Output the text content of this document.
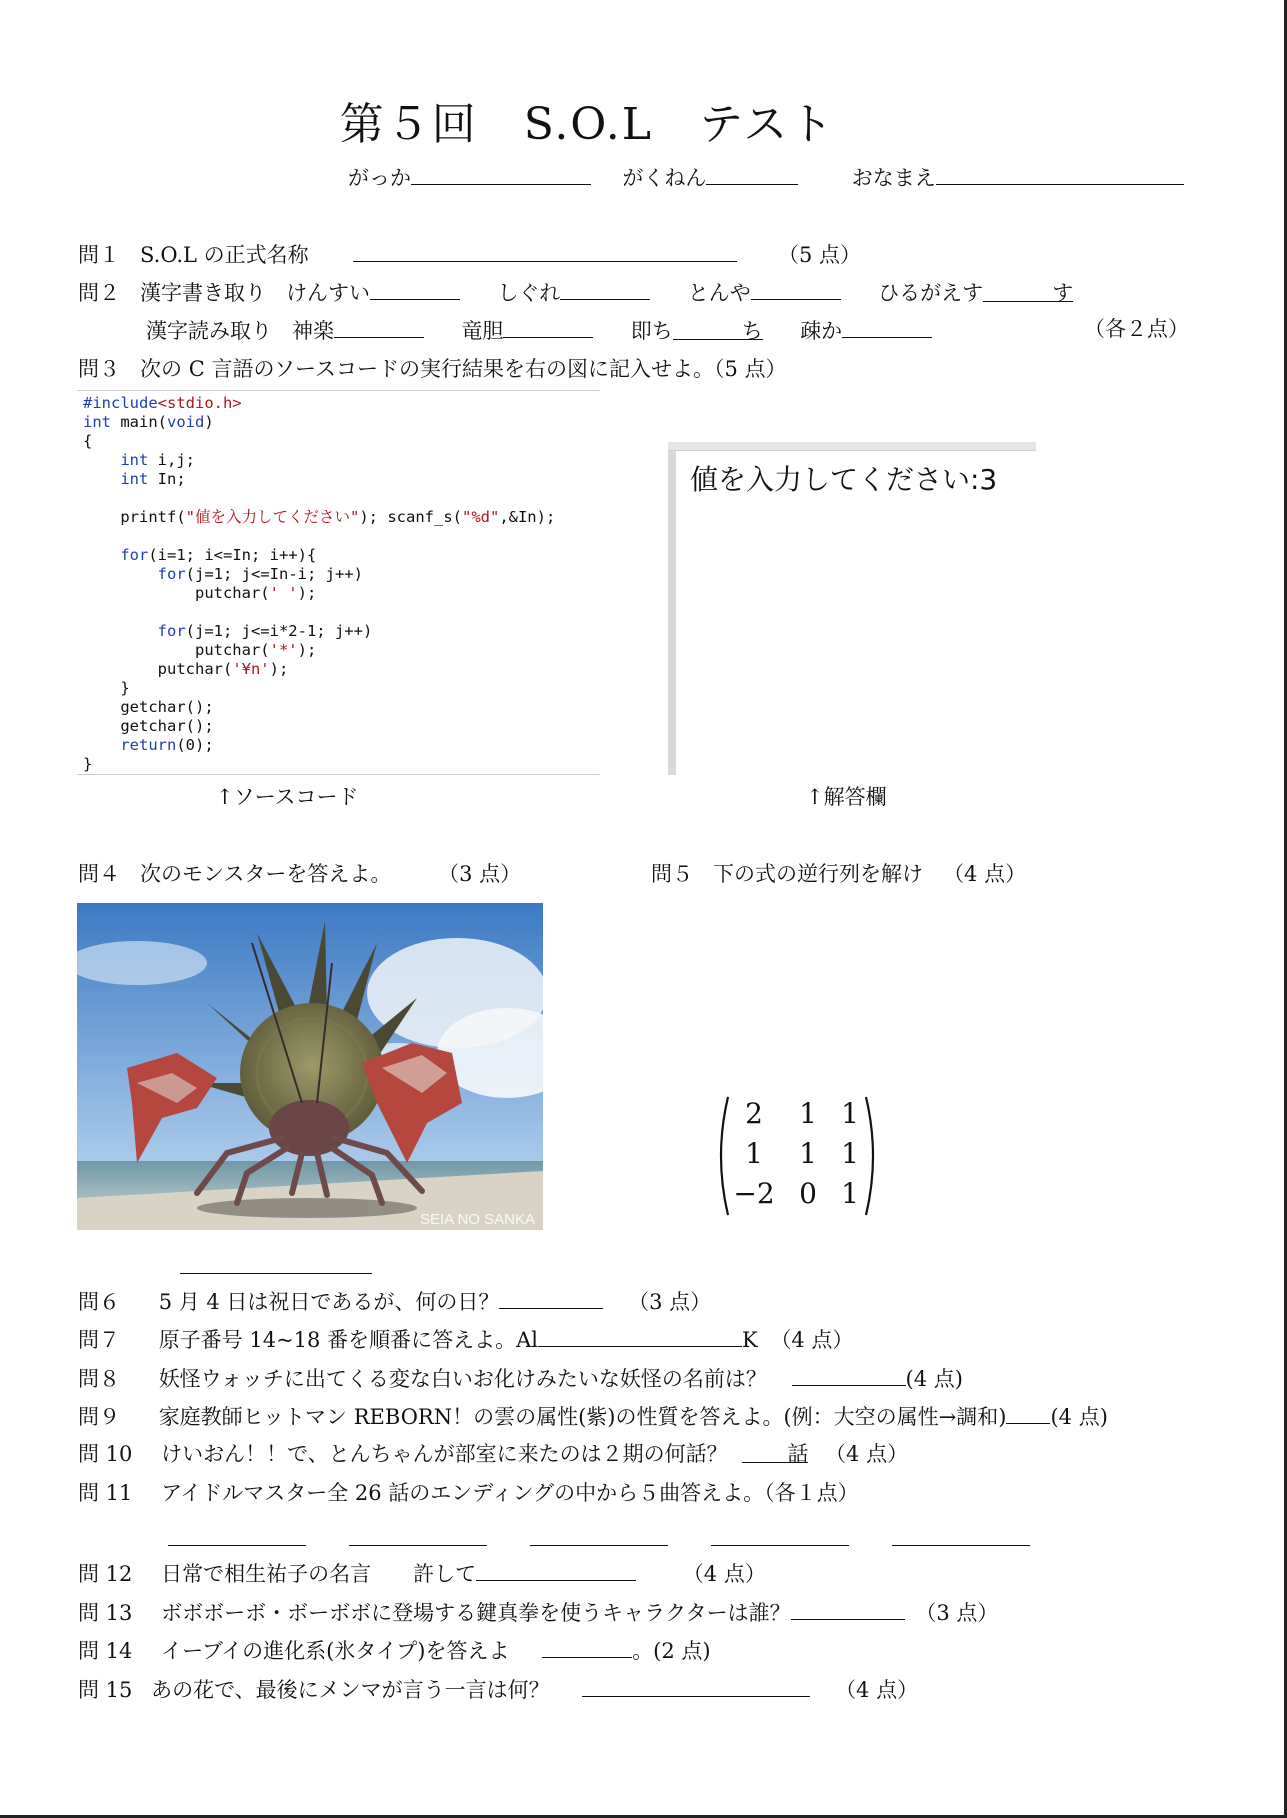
第５回　S.O.L　テスト
がっか	がくねん	おなまえ
問１ S.O.L の正式名称	（5 点）
問２ 漢字書き取り けんすい	しぐれ	とんや	ひるがえす	す
漢字読み取り 神楽	竜胆	即ち	ち 疎か	（各２点）
問３ 次の C 言語のソースコードの実行結果を右の図に記入せよ。（5 点）
#include<stdio.h>
int main(void)
{
int i,j;
int In;

printf("値を入力してください"); scanf_s("%d",&In);

for(i=1; i<=In; i++){
for(j=1; j<=In-i; j++)
putchar(' ');

for(j=1; j<=i*2-1; j++)
putchar('*');
putchar('¥n');
}
getchar();
getchar();
return(0);
}
値を入力してください:3
↑ソースコード	↑解答欄
問４ 次のモンスターを答えよ。 （3 点）	問５ 下の式の逆行列を解け （4 点）
SEIA NO SANKA
2	1 1
1	1 1
−2 0 1
問６ 5 月 4 日は祝日であるが、何の日？	（3 点）
問７ 原子番号 14~18 番を順番に答えよ。Al	K （4 点）
問８ 妖怪ウォッチに出てくる変な白いお化けみたいな妖怪の名前は？	(4 点)
問９ 家庭教師ヒットマン REBORN！の雲の属性(紫)の性質を答えよ。(例：大空の属性→調和) (4 点)
問 10 けいおん！！で、とんちゃんが部室に来たのは２期の何話？	話 （4 点）
問 11 アイドルマスター全 26 話のエンディングの中から５曲答えよ。（各１点）
問 12 日常で相生祐子の名言　　許して	（4 点）
問 13 ボボボーボ・ボーボボに登場する鍵真拳を使うキャラクターは誰？	（3 点）
問 14 イーブイの進化系(氷タイプ)を答えよ	。(2 点)
問 15 あの花で、最後にメンマが言う一言は何？	（4 点）
